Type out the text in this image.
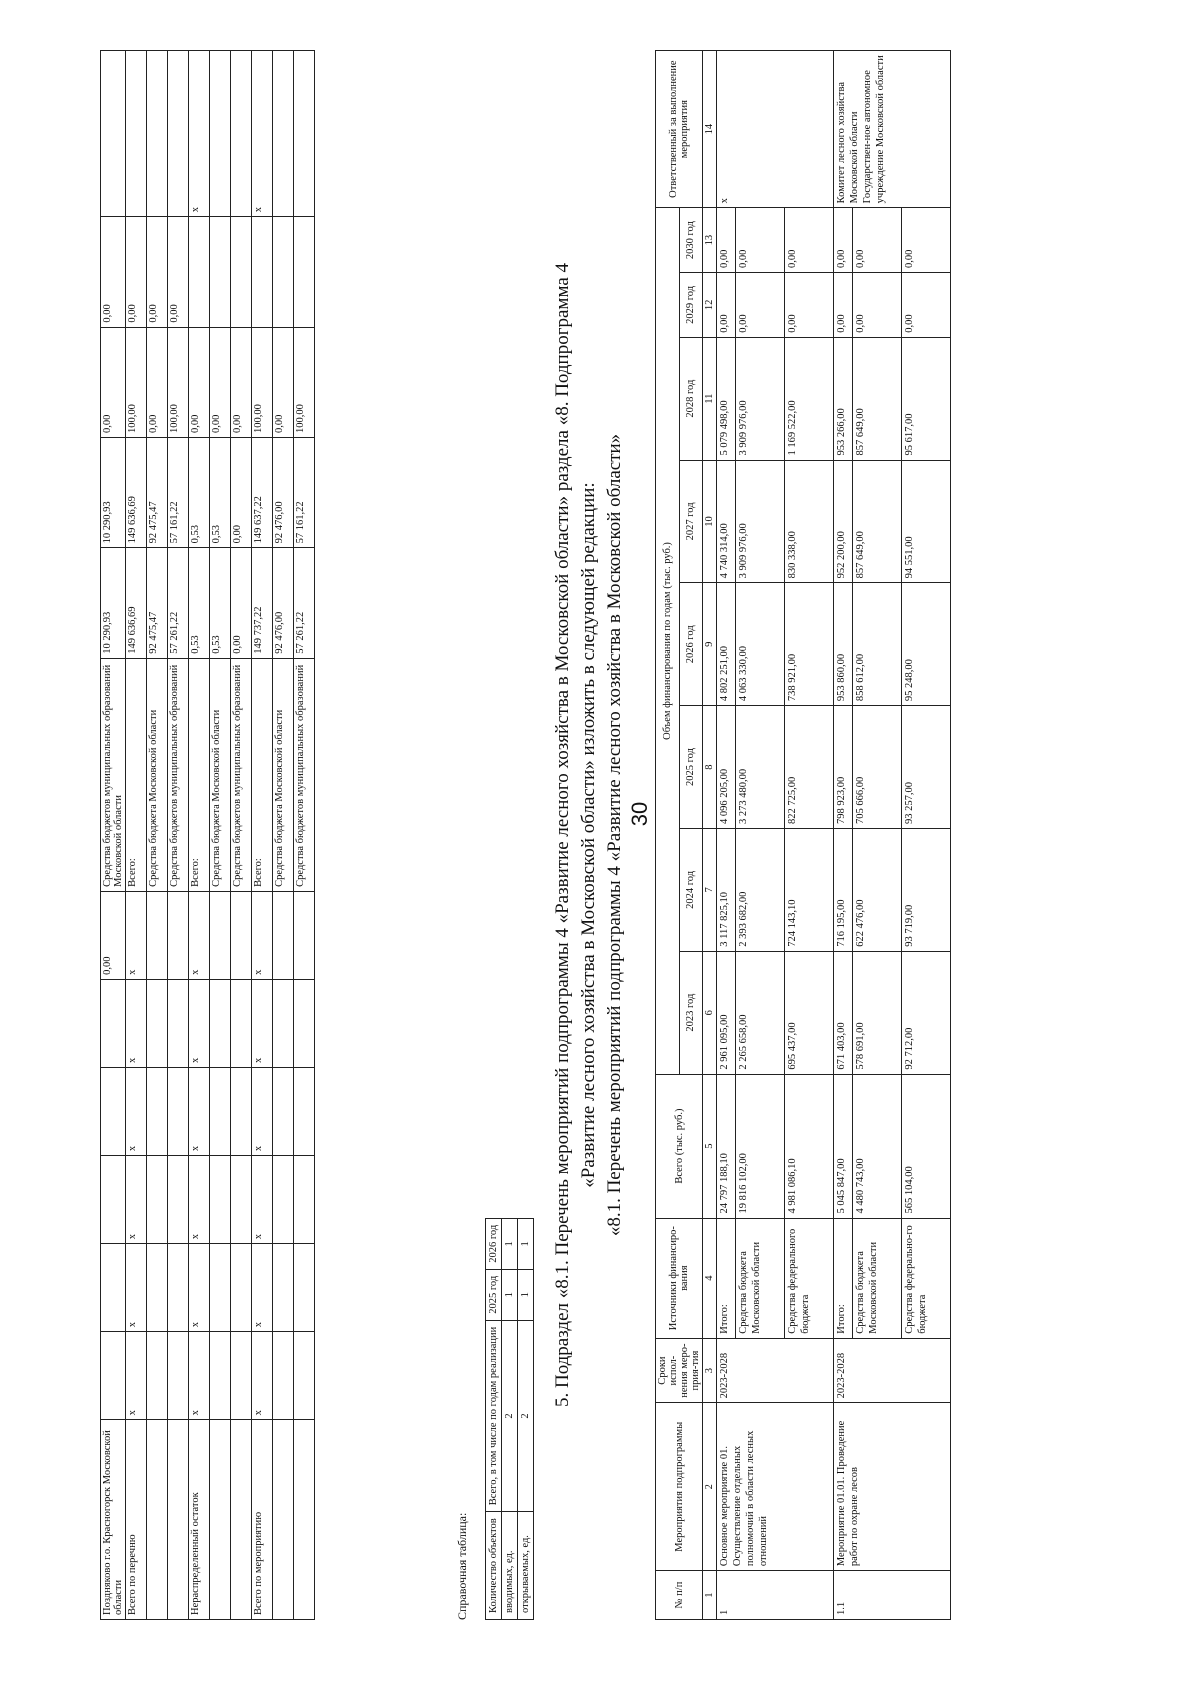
30
Поздняково г.о. Красногорск Московской области						0,00	Средства бюджетов муниципальных образований Московской области	10 290,93	10 290,93	0,00	0,00	
Всего по перечню	х	х	х	х	х	х	Всего:	149 636,69	149 636,69	100,00	0,00	
							Средства бюджета Московской области	92 475,47	92 475,47	0,00	0,00	
							Средства бюджетов муниципальных образований	57 261,22	57 161,22	100,00	0,00	
Нераспределенный остаток	х	х	х	х	х	х	Всего:	0,53	0,53	0,00		х
							Средства бюджета Московской области	0,53	0,53	0,00		
							Средства бюджетов муниципальных образований	0,00	0,00	0,00		
Всего по мероприятию	х	х	х	х	х	х	Всего:	149 737,22	149 637,22	100,00		х
							Средства бюджета Московской области	92 476,00	92 476,00	0,00		
							Средства бюджетов муниципальных образований	57 261,22	57 161,22	100,00		
Справочная таблица: Количество объектов	Всего, в том числе по годам реализации	2025 год	2026 год
вводимых, ед.	2	1	1
открываемых, ед.	2	1	1 5. Подраздел «8.1. Перечень мероприятий подпрограммы 4 «Развитие лесного хозяйства в Московской области» раздела «8. Подпрограмма 4 «Развитие лесного хозяйства в Московской области» изложить в следующей редакции: «8.1. Перечень мероприятий подпрограммы 4 «Развитие лесного хозяйства в Московской области»
№ п/п	Мероприятия подпрограммы	Сроки испол-нения меро-прия-тия	Источники финансиро-вания	Всего (тыс. руб.)	Объем финансирования по годам (тыс. руб.)								Ответственный за выполнение мероприятия
					2023 год	2024 год	2025 год	2026 год	2027 год	2028 год	2029 год	2030 год	
1	2	3	4	5	6	7	8	9	10	11	12	13	14
1	Основное мероприятие 01. Осуществление отдельных полномочий в области лесных отношений	2023-2028	Итого:	24 797 188,10	2 961 095,00	3 117 825,10	4 096 205,00	4 802 251,00	4 740 314,00	5 079 498,00	0,00	0,00	х
			Средства бюджета Московской области	19 816 102,00	2 265 658,00	2 393 682,00	3 273 480,00	4 063 330,00	3 909 976,00	3 909 976,00	0,00	0,00	
			Средства федерального бюджета	4 981 086,10	695 437,00	724 143,10	822 725,00	738 921,00	830 338,00	1 169 522,00	0,00	0,00	
1.1	Мероприятие 01.01. Проведение работ по охране лесов	2023-2028	Итого:	5 045 847,00	671 403,00	716 195,00	798 923,00	953 860,00	952 200,00	953 266,00	0,00	0,00	Комитет лесного хозяйства Московской области Государствен-ное автономное учреждение Московской области
			Средства бюджета Московской области	4 480 743,00	578 691,00	622 476,00	705 666,00	858 612,00	857 649,00	857 649,00	0,00	0,00	
			Средства федерально-го бюджета	565 104,00	92 712,00	93 719,00	93 257,00	95 248,00	94 551,00	95 617,00	0,00	0,00	
